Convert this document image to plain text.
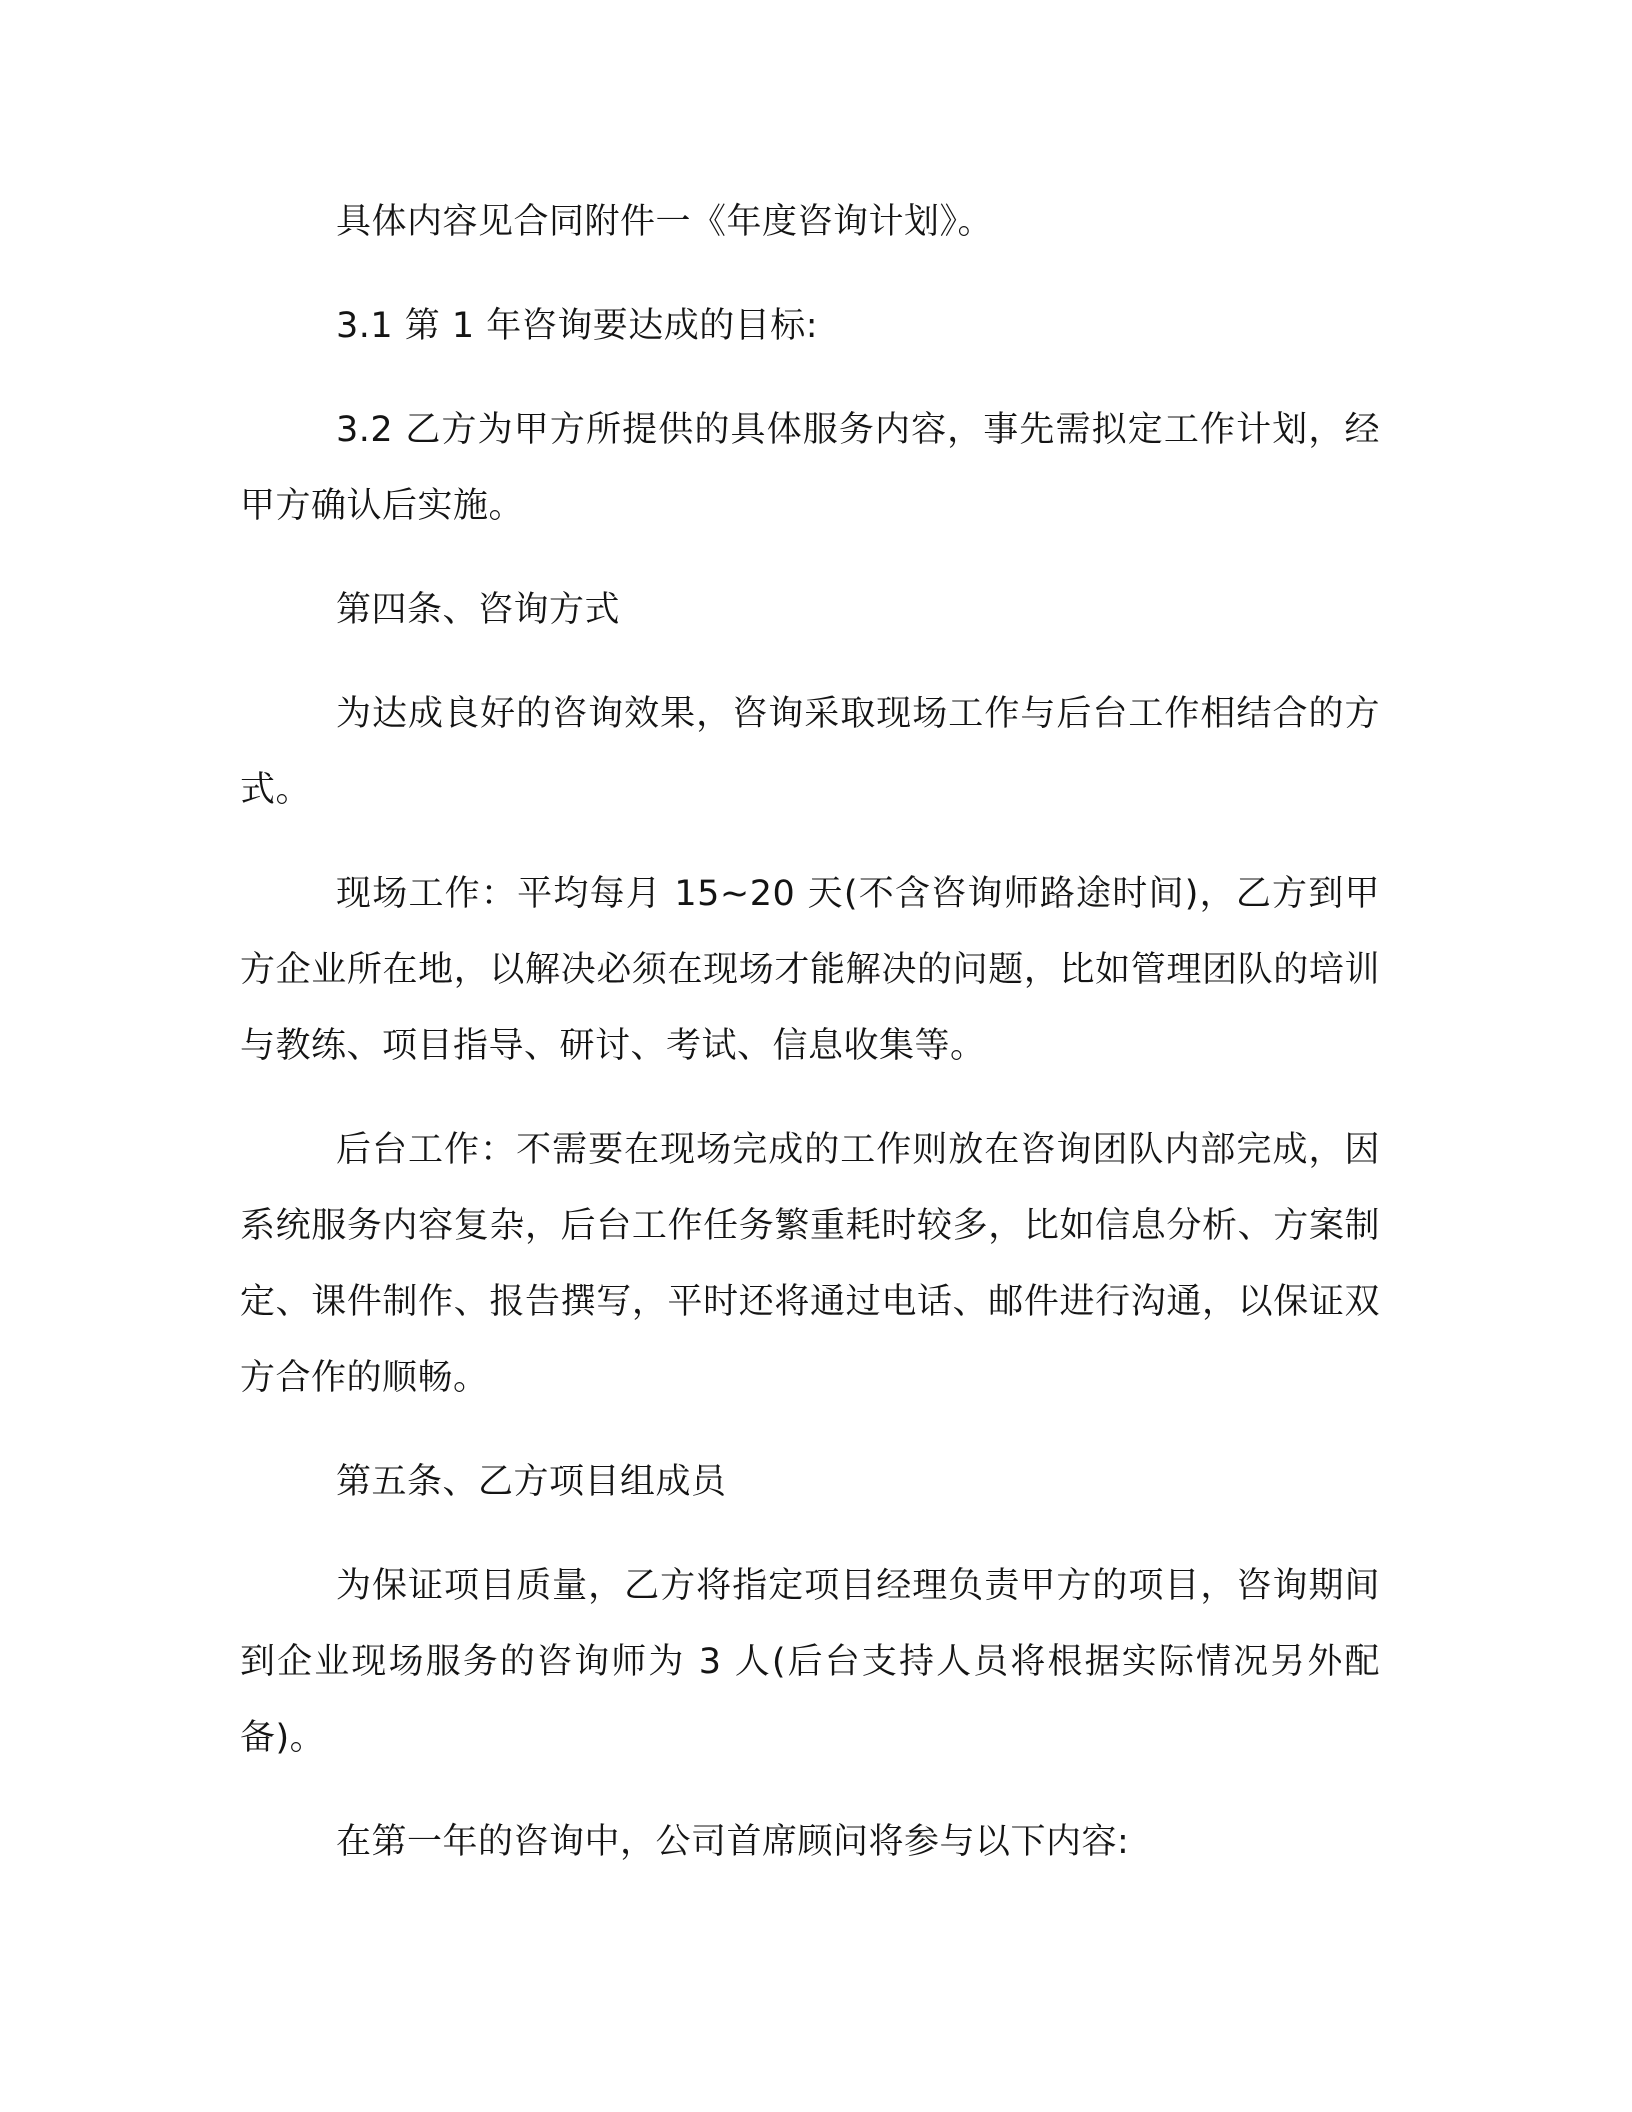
具体内容见合同附件一《年度咨询计划》。

3.1 第 1 年咨询要达成的目标:

3.2 乙方为甲方所提供的具体服务内容，事先需拟定工作计划，经甲方确认后实施。

第四条、咨询方式

为达成良好的咨询效果，咨询采取现场工作与后台工作相结合的方式。

现场工作：平均每月 15~20 天(不含咨询师路途时间)，乙方到甲方企业所在地，以解决必须在现场才能解决的问题，比如管理团队的培训与教练、项目指导、研讨、考试、信息收集等。

后台工作：不需要在现场完成的工作则放在咨询团队内部完成，因系统服务内容复杂，后台工作任务繁重耗时较多，比如信息分析、方案制定、课件制作、报告撰写，平时还将通过电话、邮件进行沟通，以保证双方合作的顺畅。

第五条、乙方项目组成员

为保证项目质量，乙方将指定项目经理负责甲方的项目，咨询期间到企业现场服务的咨询师为 3 人(后台支持人员将根据实际情况另外配备)。

在第一年的咨询中，公司首席顾问将参与以下内容:
